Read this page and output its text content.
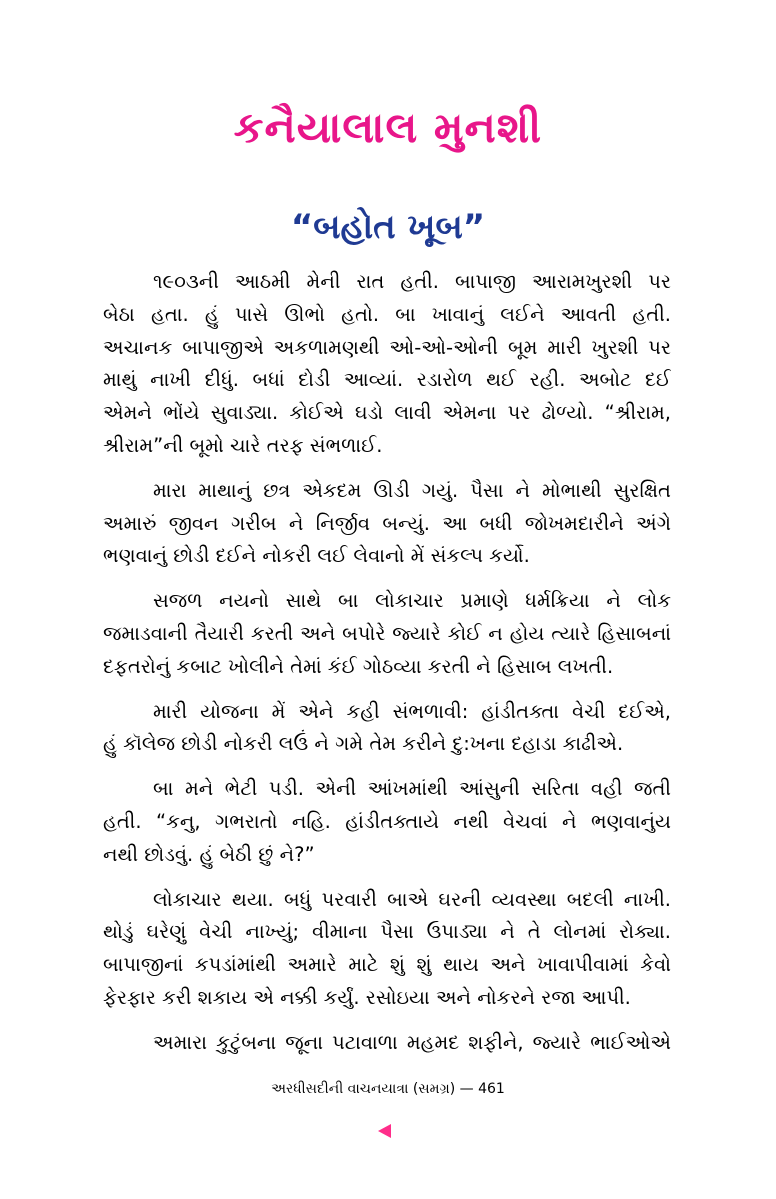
કનૈયાલાલ મુનશી
“બહોત ખૂબ”
૧૯૦૩ની આઠમી મેની રાત હતી. બાપાજી આરામખુરશી પર
બેઠા હતા. હું પાસે ઊભો હતો. બા ખાવાનું લઈને આવતી હતી.
અચાનક બાપાજીએ અકળામણથી ઓ-ઓ-ઓની બૂમ મારી ખુરશી પર
માથું નાખી દીધું. બધાં દોડી આવ્યાં. રડારોળ થઈ રહી. અબોટ દઈ
એમને ભોંયે સુવાડ્યા. કોઈએ ઘડો લાવી એમના પર ઢોળ્યો. “શ્રીરામ,
શ્રીરામ”ની બૂમો ચારે તરફ સંભળાઈ.
મારા માથાનું છત્ર એકદમ ઊડી ગયું. પૈસા ને મોભાથી સુરક્ષિત
અમારું જીવન ગરીબ ને નિર્જીવ બન્યું. આ બધી જોખમદારીને અંગે
ભણવાનું છોડી દઈને નોકરી લઈ લેવાનો મેં સંકલ્પ કર્યો.
સજળ નયનો સાથે બા લોકાચાર પ્રમાણે ધર્મક્રિયા ને લોક
જમાડવાની તૈયારી કરતી અને બપોરે જ્યારે કોઈ ન હોય ત્યારે હિસાબનાં
દફતરોનું કબાટ ખોલીને તેમાં કંઈ ગોઠવ્યા કરતી ને હિસાબ લખતી.
મારી યોજના મેં એને કહી સંભળાવી: હાંડીતક્તા વેચી દઈએ,
હું કૉલેજ છોડી નોકરી લઉં ને ગમે તેમ કરીને દુ:ખના દહાડા કાઢીએ.
બા મને ભેટી પડી. એની આંખમાંથી આંસુની સરિતા વહી જતી
હતી. “કનુ, ગભરાતો નહિ. હાંડીતક્તાયે નથી વેચવાં ને ભણવાનુંય
નથી છોડવું. હું બેઠી છું ને?”
લોકાચાર થયા. બધું પરવારી બાએ ઘરની વ્યવસ્થા બદલી નાખી.
થોડું ઘરેણું વેચી નાખ્યું; વીમાના પૈસા ઉપાડ્યા ને તે લોનમાં રોક્યા.
બાપાજીનાં કપડાંમાંથી અમારે માટે શું શું થાય અને ખાવાપીવામાં કેવો
ફેરફાર કરી શકાય એ નક્કી કર્યું. રસોઇયા અને નોકરને રજા આપી.
અમારા કુટુંબના જૂના પટાવાળા મહમદ શફીને, જ્યારે ભાઈઓએ
અરધીસદીની વાચનયાત્રા (સમગ્ર) — 461
